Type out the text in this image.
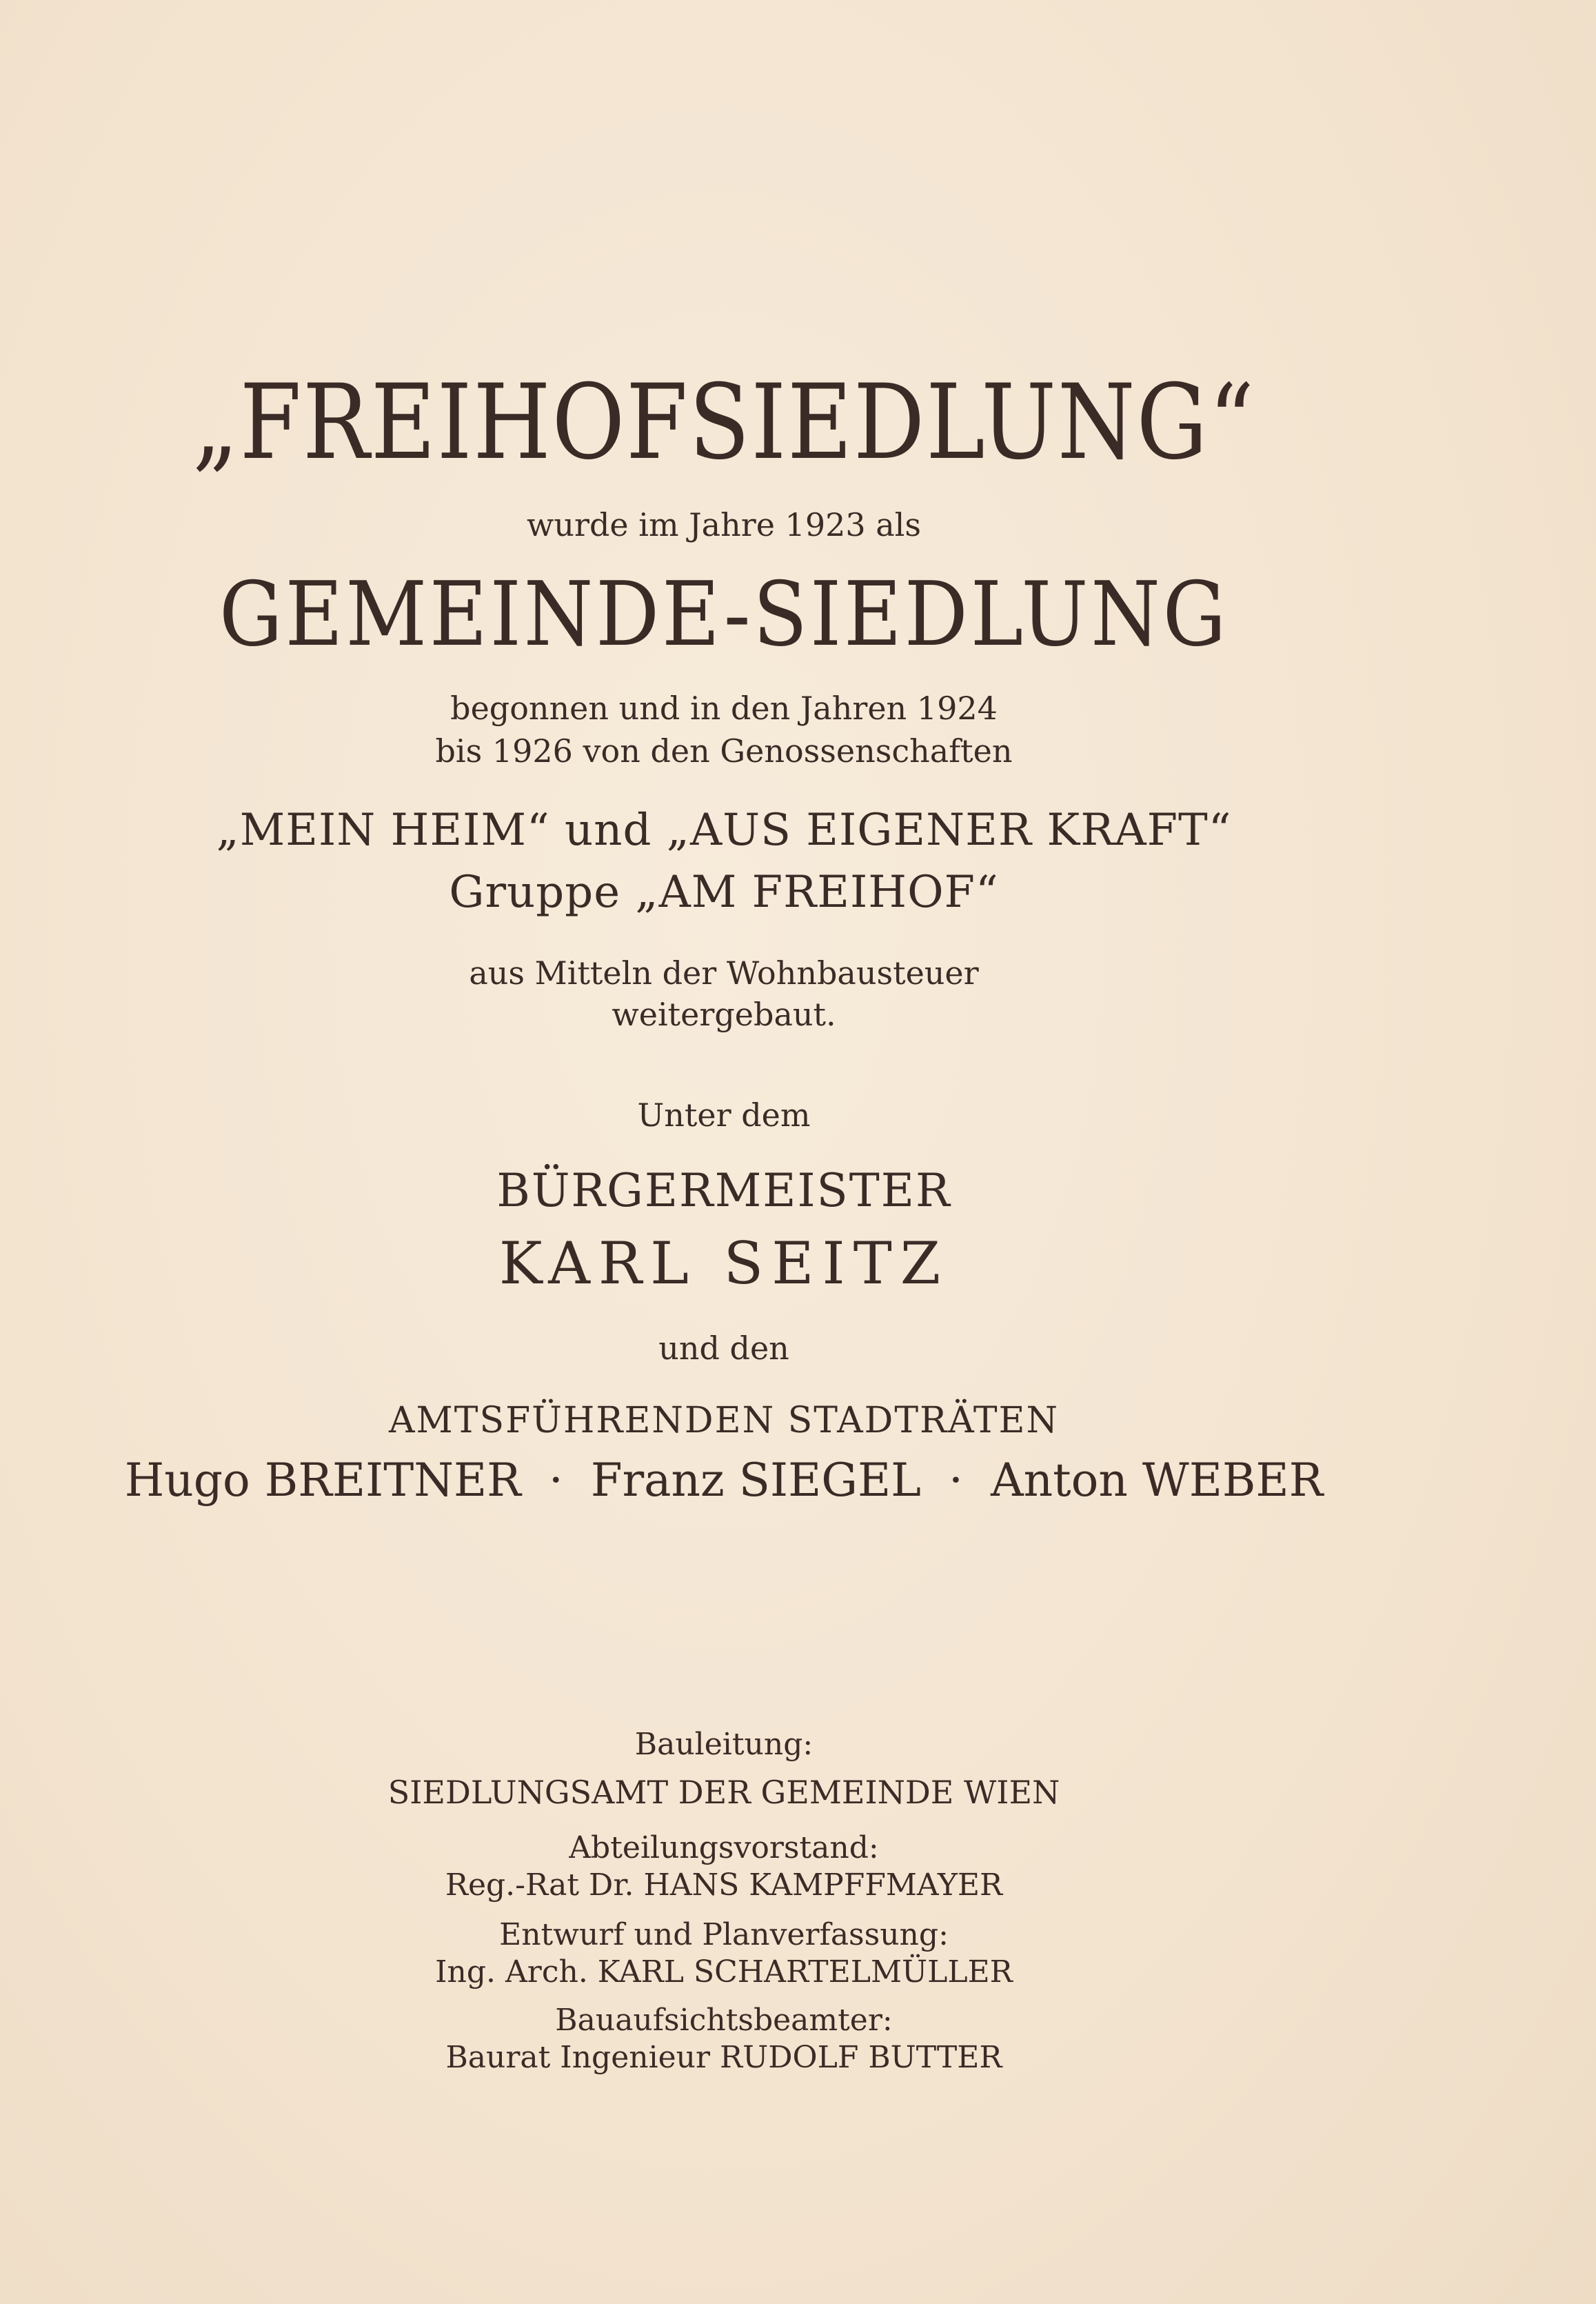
„FREIHOFSIEDLUNG“
wurde im Jahre 1923 als
GEMEINDE-SIEDLUNG
begonnen und in den Jahren 1924
bis 1926 von den Genossenschaften
„MEIN HEIM“ und „AUS EIGENER KRAFT“
Gruppe „AM FREIHOF“
aus Mitteln der Wohnbausteuer
weitergebaut.
Unter dem
BÜRGERMEISTER
KARL SEITZ
und den
AMTSFÜHRENDEN STADTRÄTEN
Hugo BREITNER · Franz SIEGEL · Anton WEBER
Bauleitung:
SIEDLUNGSAMT DER GEMEINDE WIEN
Abteilungsvorstand:
Reg.-Rat Dr. HANS KAMPFFMAYER
Entwurf und Planverfassung:
Ing. Arch. KARL SCHARTELMÜLLER
Bauaufsichtsbeamter:
Baurat Ingenieur RUDOLF BUTTER
